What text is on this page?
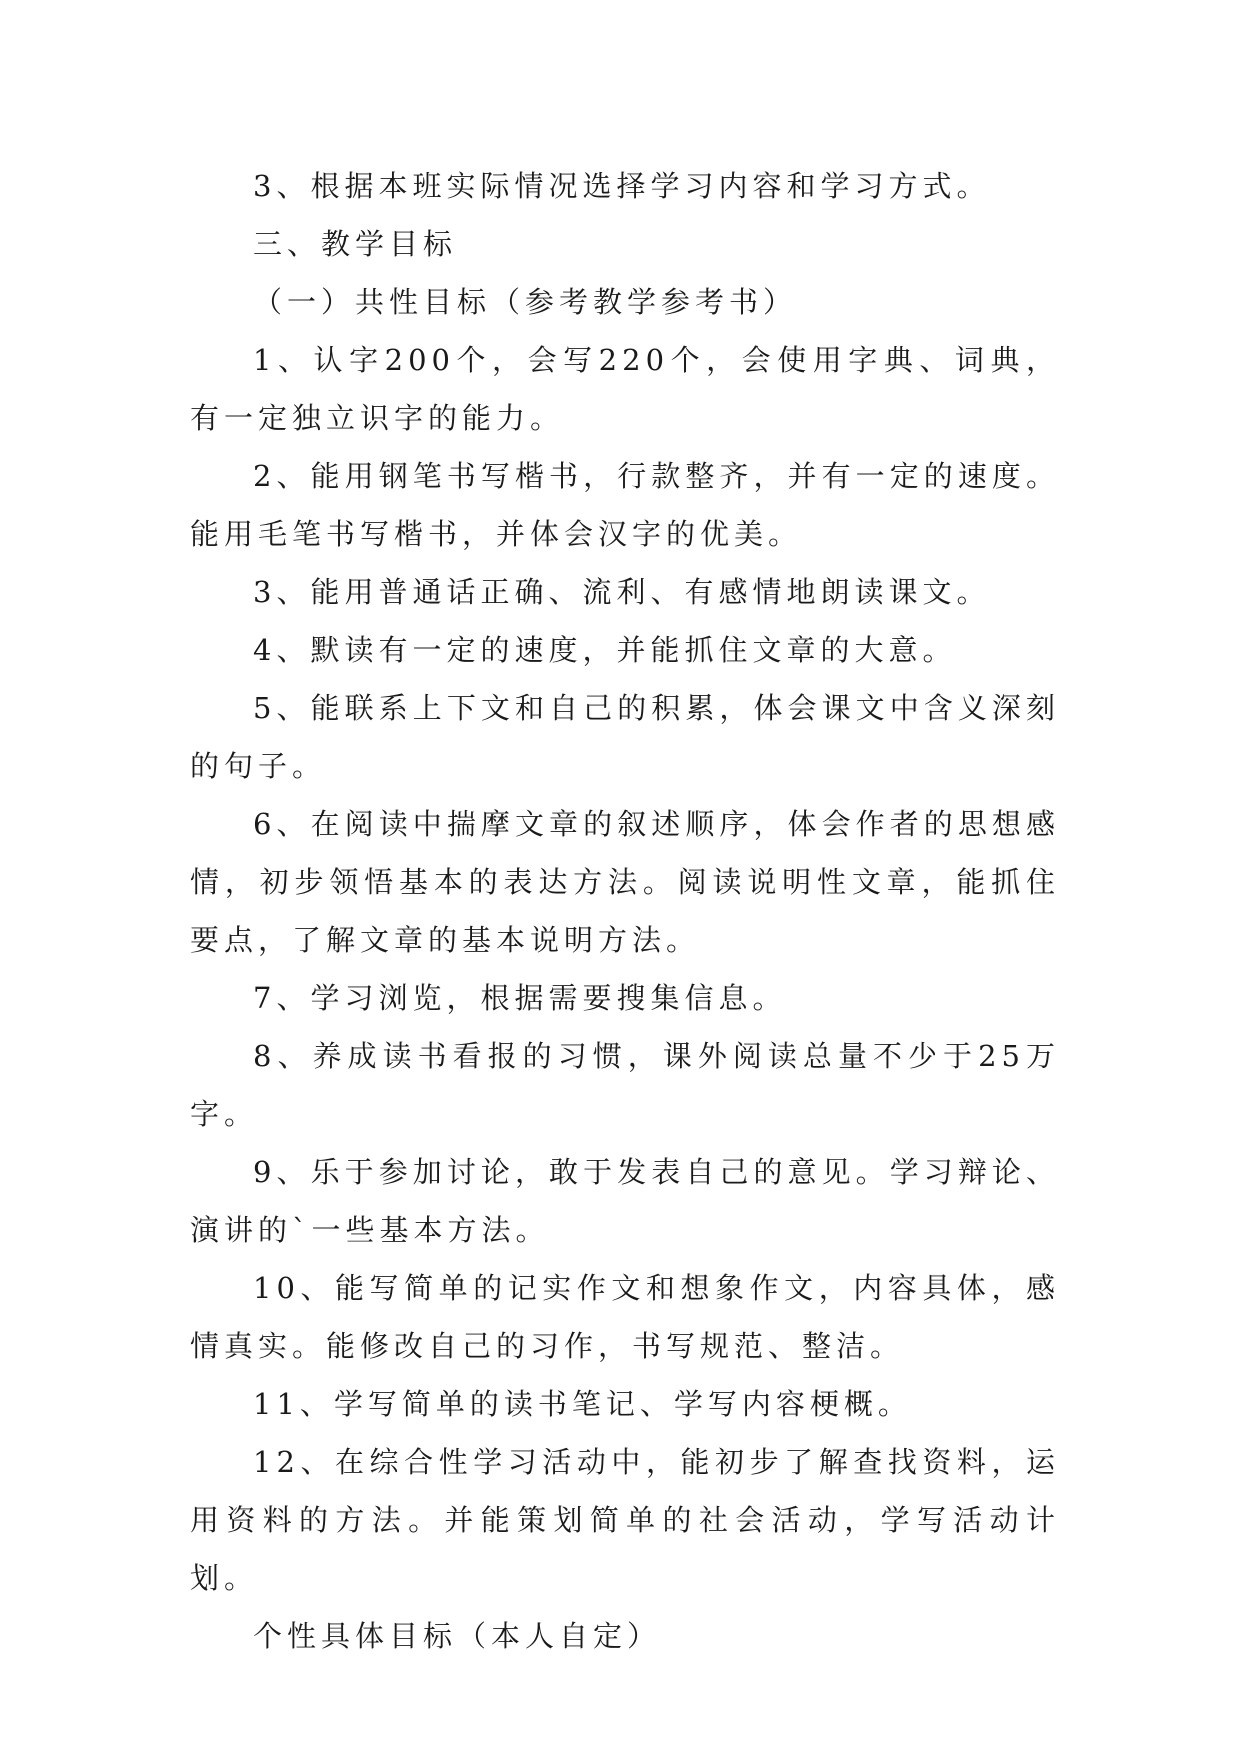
3、根据本班实际情况选择学习内容和学习方式。

三、教学目标

（一）共性目标（参考教学参考书）

1、认字200个，会写220个，会使用字典、词典，有一定独立识字的能力。

2、能用钢笔书写楷书，行款整齐，并有一定的速度。能用毛笔书写楷书，并体会汉字的优美。

3、能用普通话正确、流利、有感情地朗读课文。

4、默读有一定的速度，并能抓住文章的大意。

5、能联系上下文和自己的积累，体会课文中含义深刻的句子。

6、在阅读中揣摩文章的叙述顺序，体会作者的思想感情，初步领悟基本的表达方法。阅读说明性文章，能抓住要点，了解文章的基本说明方法。

7、学习浏览，根据需要搜集信息。

8、养成读书看报的习惯，课外阅读总量不少于25万字。

9、乐于参加讨论，敢于发表自己的意见。学习辩论、演讲的`一些基本方法。

10、能写简单的记实作文和想象作文，内容具体，感情真实。能修改自己的习作，书写规范、整洁。

11、学写简单的读书笔记、学写内容梗概。

12、在综合性学习活动中，能初步了解查找资料，运用资料的方法。并能策划简单的社会活动，学写活动计划。

个性具体目标（本人自定）
